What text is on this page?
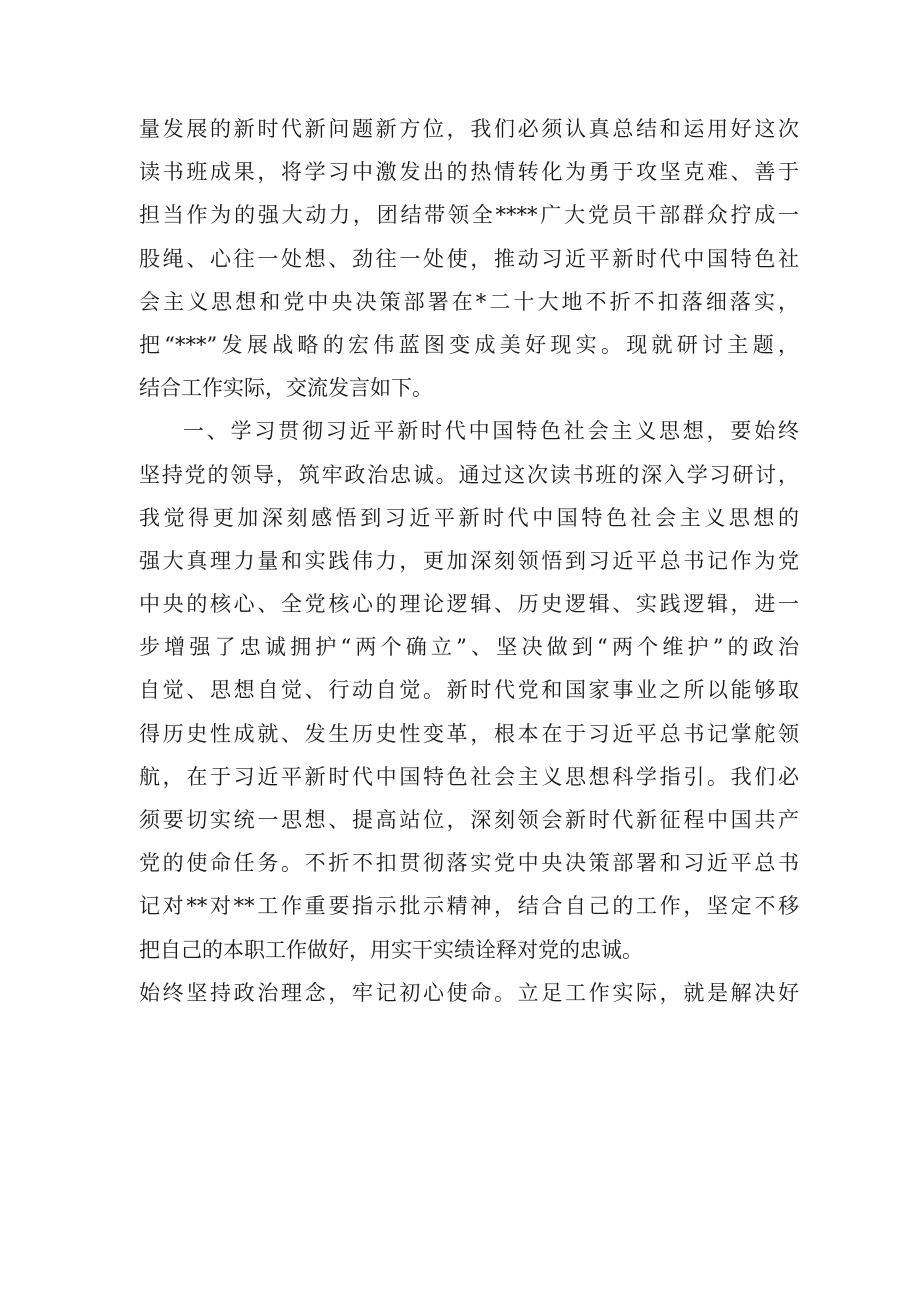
量发展的新时代新问题新方位，我们必须认真总结和运用好这次
读书班成果，将学习中激发出的热情转化为勇于攻坚克难、善于
担当作为的强大动力，团结带领全****广大党员干部群众拧成一
股绳、心往一处想、劲往一处使，推动习近平新时代中国特色社
会主义思想和党中央决策部署在*二十大地不折不扣落细落实，
把“***”发展战略的宏伟蓝图变成美好现实。现就研讨主题，
结合工作实际，交流发言如下。
一、学习贯彻习近平新时代中国特色社会主义思想，要始终
坚持党的领导，筑牢政治忠诚。通过这次读书班的深入学习研讨，
我觉得更加深刻感悟到习近平新时代中国特色社会主义思想的
强大真理力量和实践伟力，更加深刻领悟到习近平总书记作为党
中央的核心、全党核心的理论逻辑、历史逻辑、实践逻辑，进一
步增强了忠诚拥护“两个确立”、坚决做到“两个维护”的政治
自觉、思想自觉、行动自觉。新时代党和国家事业之所以能够取
得历史性成就、发生历史性变革，根本在于习近平总书记掌舵领
航，在于习近平新时代中国特色社会主义思想科学指引。我们必
须要切实统一思想、提高站位，深刻领会新时代新征程中国共产
党的使命任务。不折不扣贯彻落实党中央决策部署和习近平总书
记对**对**工作重要指示批示精神，结合自己的工作，坚定不移
把自己的本职工作做好，用实干实绩诠释对党的忠诚。
始终坚持政治理念，牢记初心使命。立足工作实际，就是解决好
